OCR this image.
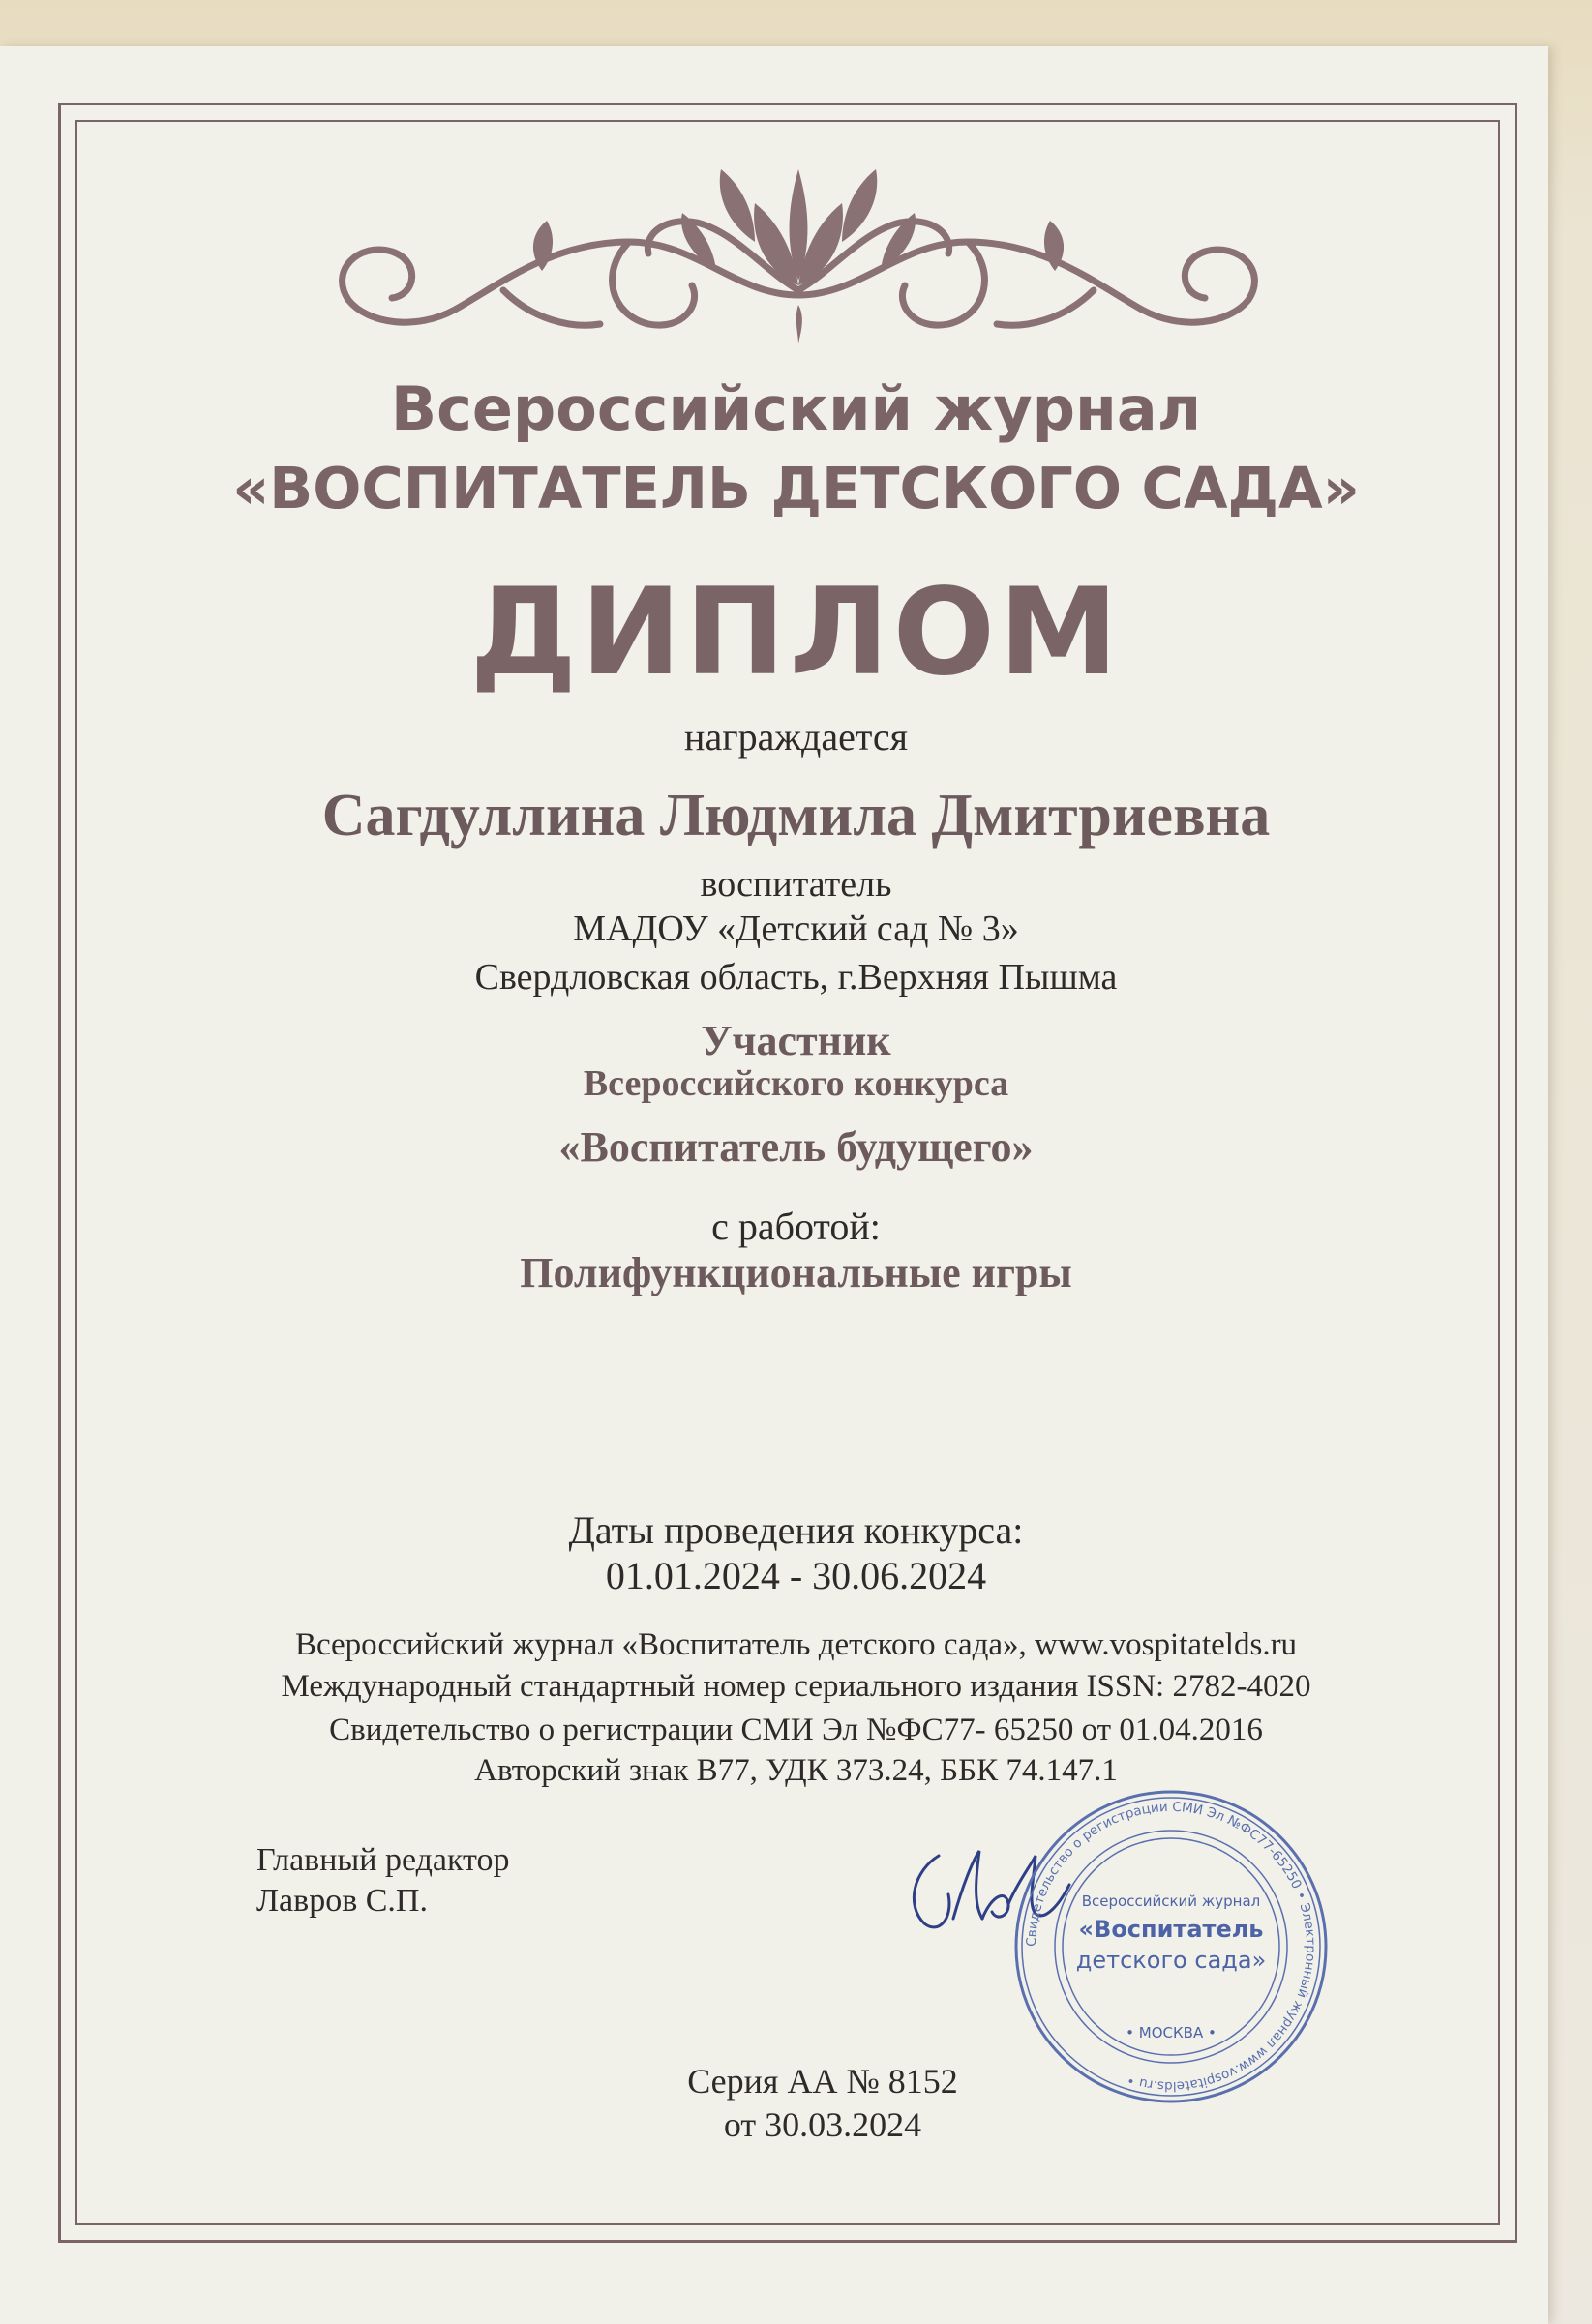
Всероссийский журнал

«ВОСПИТАТЕЛЬ ДЕТСКОГО САДА»

ДИПЛОМ

награждается

Сагдуллина Людмила Дмитриевна

воспитатель

МАДОУ «Детский сад № 3»

Свердловская область, г.Верхняя Пышма

Участник

Всероссийского конкурса

«Воспитатель будущего»

с работой:

Полифункциональные игры

Даты проведения конкурса:

01.01.2024 - 30.06.2024

Всероссийский журнал «Воспитатель детского сада», www.vospitatelds.ru

Международный стандартный номер сериального издания ISSN: 2782-4020

Свидетельство о регистрации СМИ Эл №ФС77- 65250 от 01.04.2016

Авторский знак В77, УДК 373.24, ББК 74.147.1

Главный редактор

Лавров С.П.

Свидетельство о регистрации СМИ Эл №ФС77-65250 • Электронный журнал www.vospitatelds.ru •
Всероссийский журнал
«Воспитатель
детского сада»
• МОСКВА •

Серия АА № 8152

от 30.03.2024
